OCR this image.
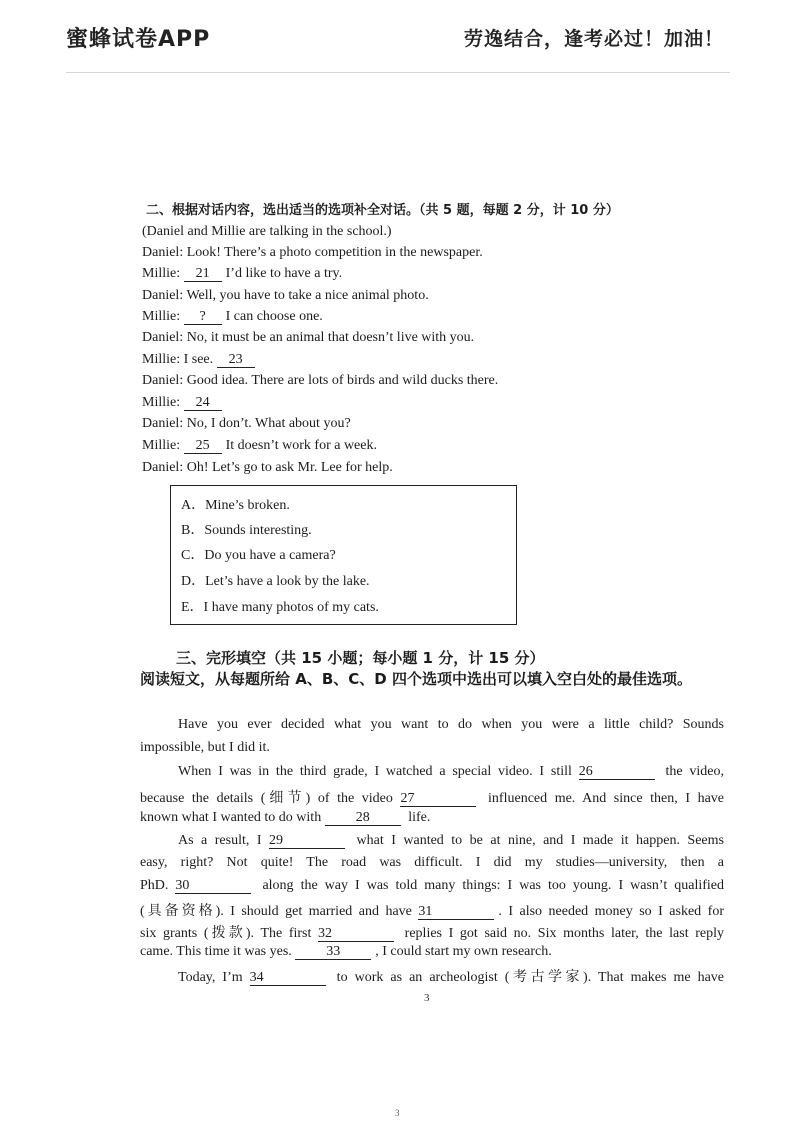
蜜蜂试卷APP	劳逸结合，逢考必过！加油！
二、根据对话内容，选出适当的选项补全对话。（共 5 题，每题 2 分，计 10 分）
(Daniel and Millie are talking in the school.)
Daniel: Look! There’s a photo competition in the newspaper.
Millie: 21 I’d like to have a try.
Daniel: Well, you have to take a nice animal photo.
Millie: ? I can choose one.
Daniel: No, it must be an animal that doesn’t live with you.
Millie: I see. 23
Daniel: Good idea. There are lots of birds and wild ducks there.
Millie: 24
Daniel: No, I don’t. What about you?
Millie: 25 It doesn’t work for a week.
Daniel: Oh! Let’s go to ask Mr. Lee for help.
A．Mine’s broken.
B．Sounds interesting.
C．Do you have a camera?
D．Let’s have a look by the lake.
E．I have many photos of my cats.
三、完形填空（共 15 小题；每小题 1 分，计 15 分）
阅读短文，从每题所给 A、B、C、D 四个选项中选出可以填入空白处的最佳选项。
Have you ever decided what you want to do when you were a little child? Sounds
impossible, but I did it.
When I was in the third grade, I watched a special video. I still 26	the video,
because the details (细节) of the video 27	influenced me. And since then, I have
known what I wanted to do with 28	life.
As a result, I 29	what I wanted to be at nine, and I made it happen. Seems
easy, right? Not quite! The road was difficult. I did my studies—university, then a
PhD. 30	along the way I was told many things: I was too young. I wasn’t qualified
(具备资格). I should get married and have 31	. I also needed money so I asked for
six grants (拨款). The first 32	replies I got said no. Six months later, the last reply
came. This time it was yes. 33	, I could start my own research.
Today, I’m 34	to work as an archeologist (考古学家). That makes me have
3
3
